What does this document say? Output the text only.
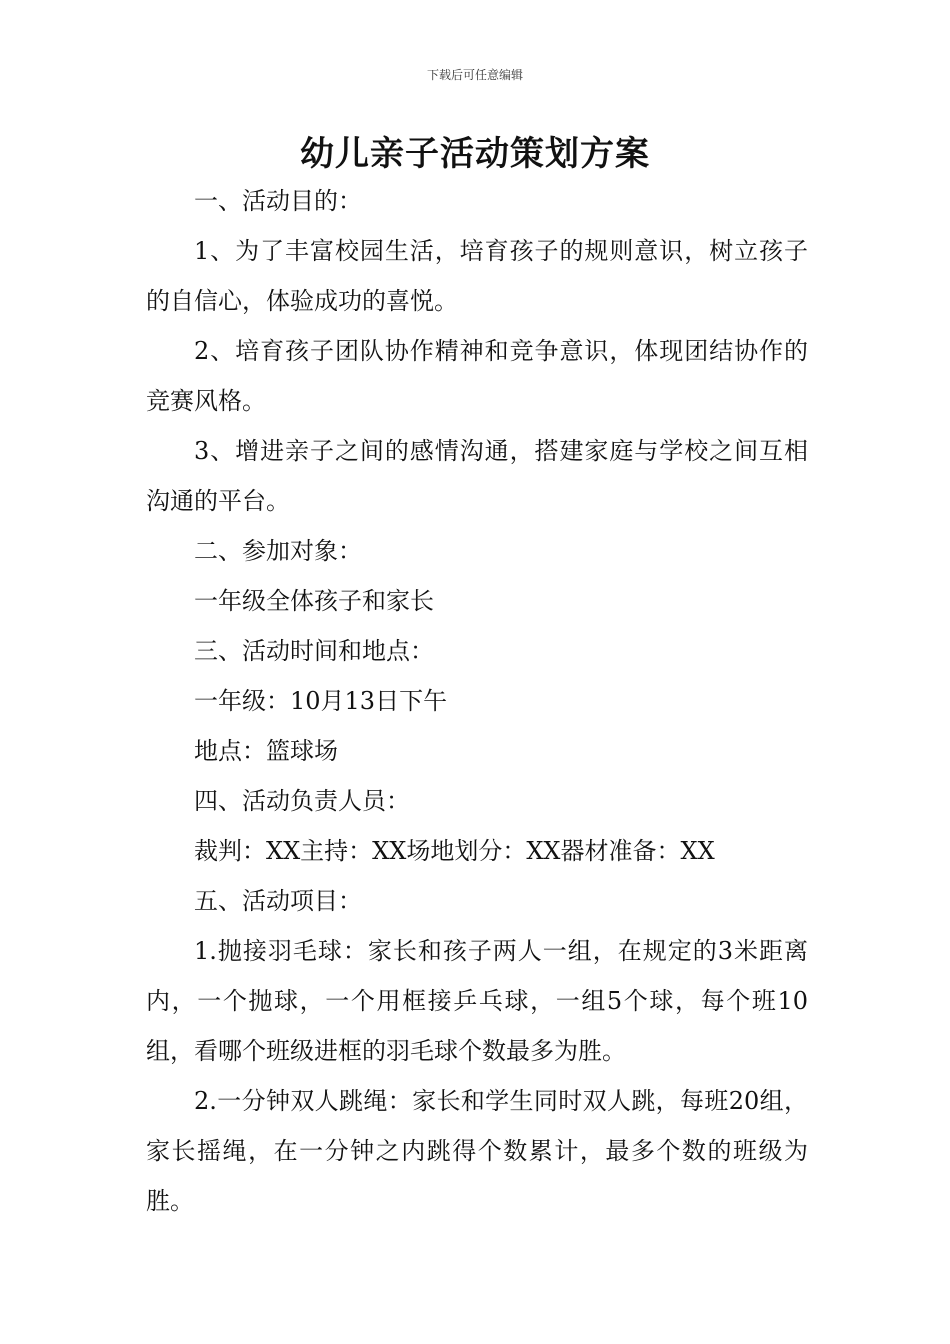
下载后可任意编辑
幼儿亲子活动策划方案

一、活动目的：

1、为了丰富校园生活，培育孩子的规则意识，树立孩子的自信心，体验成功的喜悦。

2、培育孩子团队协作精神和竞争意识，体现团结协作的竞赛风格。

3、增进亲子之间的感情沟通，搭建家庭与学校之间互相沟通的平台。

二、参加对象：

一年级全体孩子和家长

三、活动时间和地点：

一年级：10月13日下午

地点：篮球场

四、活动负责人员：

裁判：XX主持：XX场地划分：XX器材准备：XX

五、活动项目：

1.抛接羽毛球：家长和孩子两人一组，在规定的3米距离内，一个抛球，一个用框接乒乓球，一组5个球，每个班10组，看哪个班级进框的羽毛球个数最多为胜。

2.一分钟双人跳绳：家长和学生同时双人跳，每班20组，家长摇绳，在一分钟之内跳得个数累计，最多个数的班级为胜。
